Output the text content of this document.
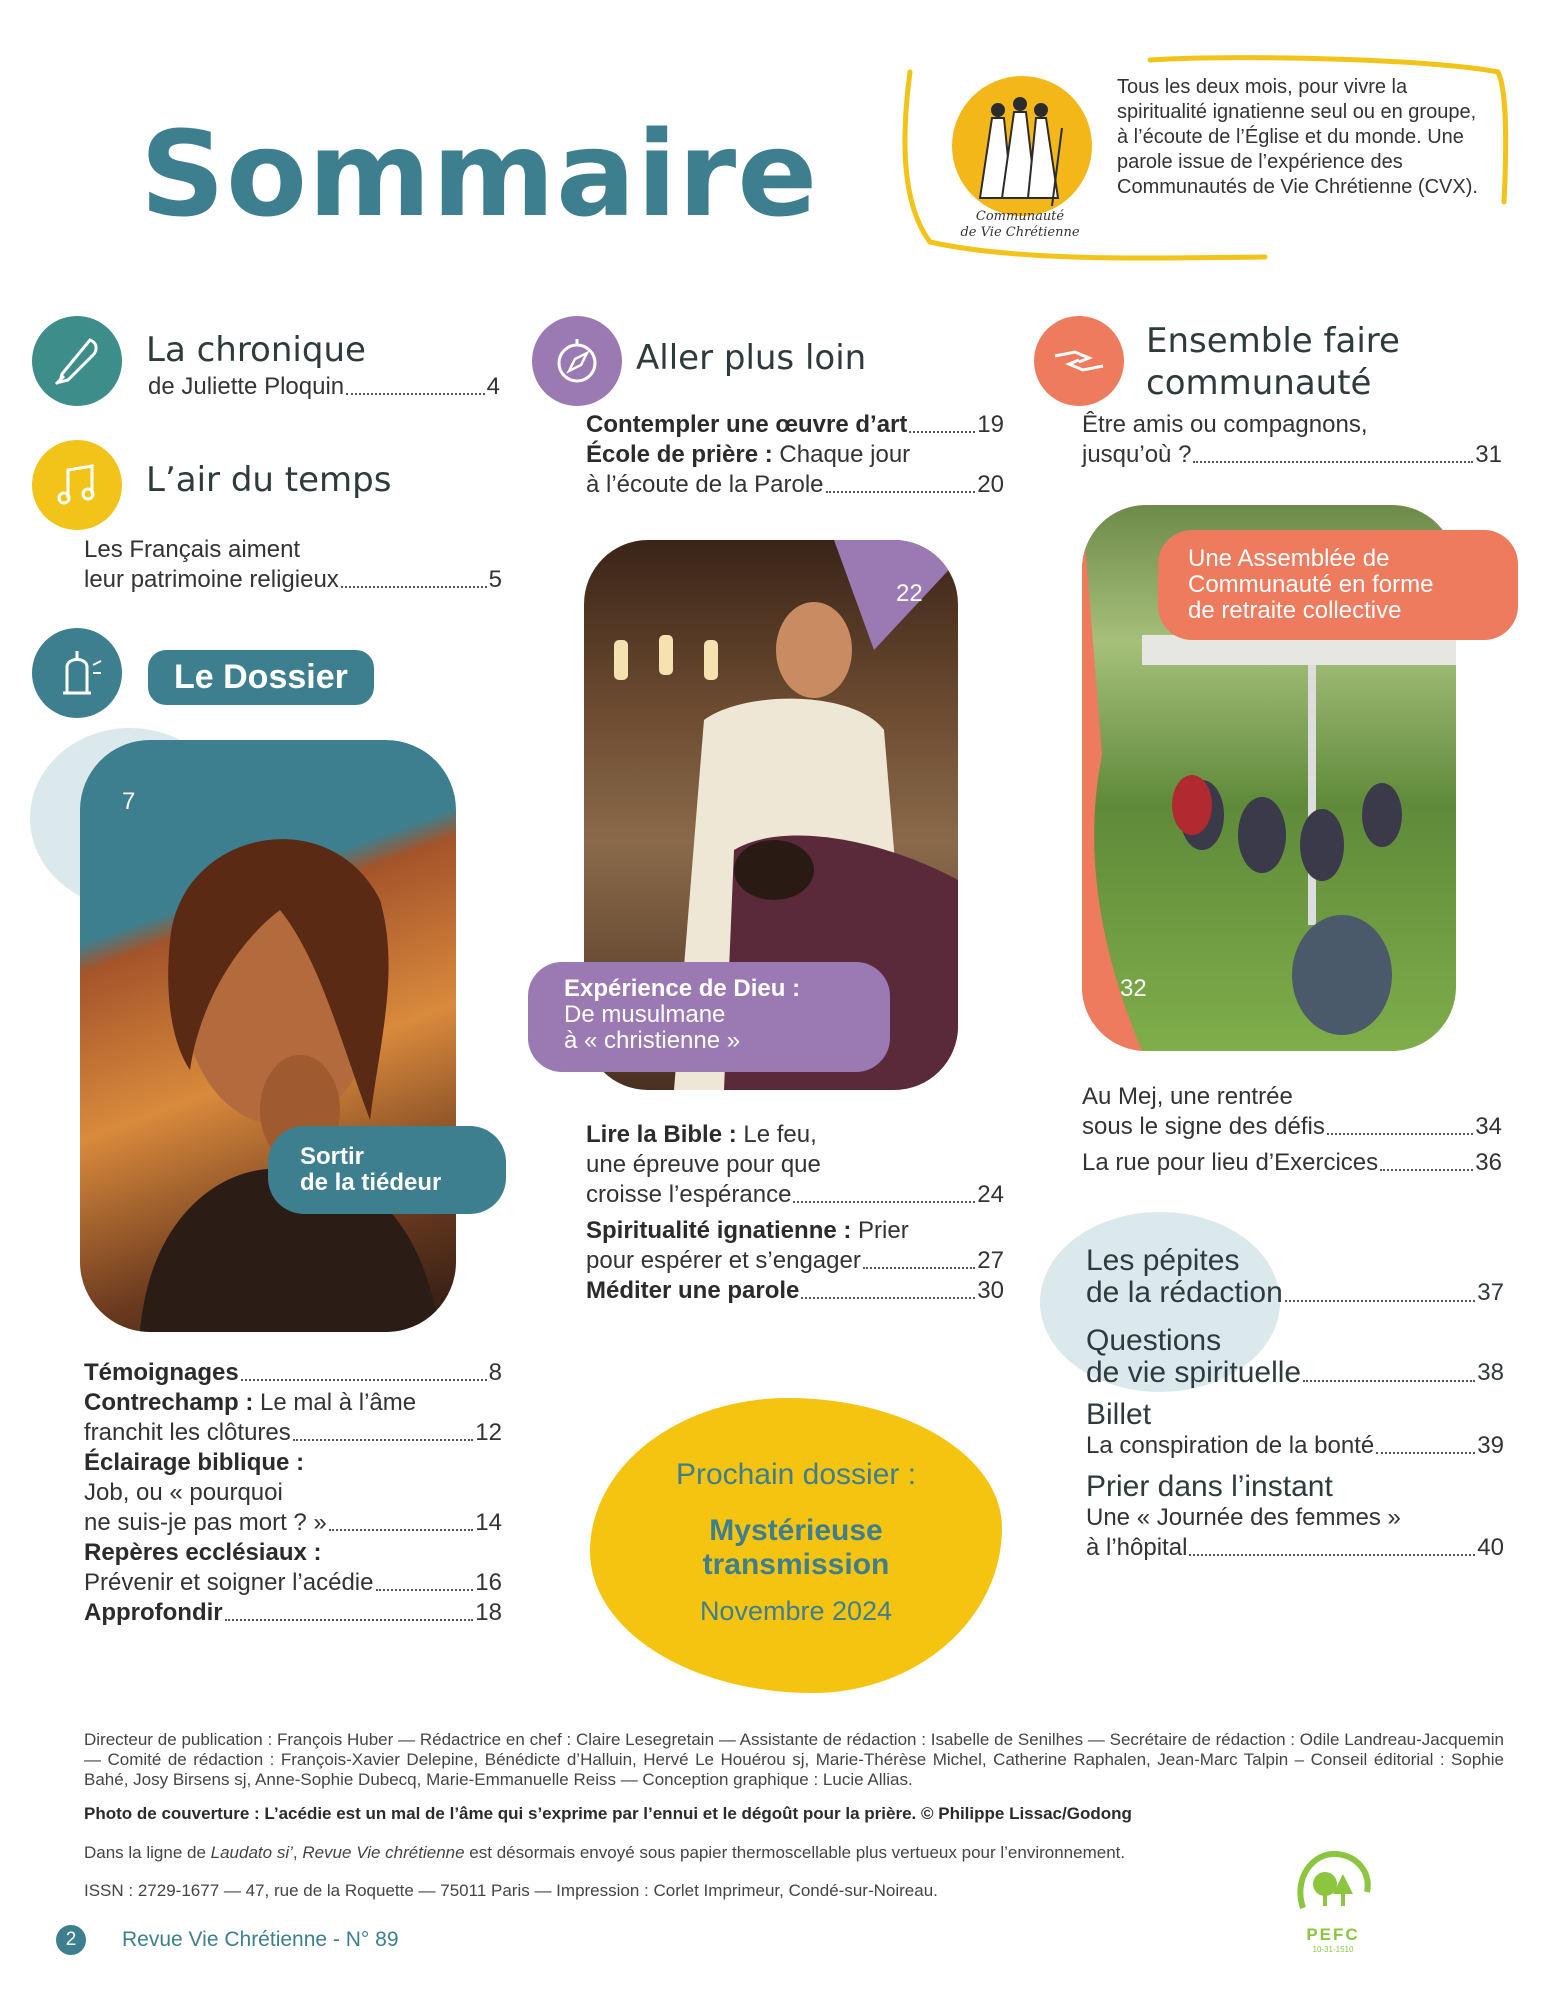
Sommaire	Communauté
de Vie Chrétienne
Tous les deux mois, pour vivre la spiritualité ignatienne seul ou en groupe, à l’écoute de l’Église et du monde. Une parole issue de l’expérience des Communautés de Vie Chrétienne (CVX).
La chronique
de Juliette Ploquin	4
L’air du temps
Les Français aiment
leur patrimoine religieux	5
Le Dossier
7
Sortir
de la tiédeur
Témoignages	8
Contrechamp : Le mal à l’âme
franchit les clôtures	12
Éclairage biblique :
Job, ou « pourquoi
ne suis-je pas mort ? »	14
Repères ecclésiaux :
Prévenir et soigner l’acédie	16
Approfondir	18
Aller plus loin
Contempler une œuvre d’art	19
École de prière : Chaque jour
à l’écoute de la Parole	20
22
Expérience de Dieu :
De musulmane
à « christienne »
Lire la Bible : Le feu,
une épreuve pour que
croisse l’espérance	24
Spiritualité ignatienne : Prier
pour espérer et s’engager	27
Méditer une parole	30
Prochain dossier :
Mystérieuse
transmission
Novembre 2024
Ensemble faire
communauté
Être amis ou compagnons,
jusqu’où ?	31
32
Une Assemblée de
Communauté en forme
de retraite collective
Au Mej, une rentrée
sous le signe des défis	34
La rue pour lieu d’Exercices	36
Les pépites
de la rédaction	37
Questions
de vie spirituelle	38
Billet
La conspiration de la bonté	39
Prier dans l’instant
Une « Journée des femmes »
à l’hôpital	40
Directeur de publication : François Huber — Rédactrice en chef : Claire Lesegretain — Assistante de rédaction : Isabelle de Senilhes — Secrétaire de rédaction : Odile Landreau-Jacquemin — Comité de rédaction : François-Xavier Delepine, Bénédicte d’Halluin, Hervé Le Houérou sj, Marie-Thérèse Michel, Catherine Raphalen, Jean-Marc Talpin – Conseil éditorial : Sophie Bahé, Josy Birsens sj, Anne-Sophie Dubecq, Marie-Emmanuelle Reiss — Conception graphique : Lucie Allias.
Photo de couverture : L’acédie est un mal de l’âme qui s’exprime par l’ennui et le dégoût pour la prière. © Philippe Lissac/Godong
Dans la ligne de Laudato si’, Revue Vie chrétienne est désormais envoyé sous papier thermoscellable plus vertueux pour l’environnement.
ISSN : 2729-1677 — 47, rue de la Roquette — 75011 Paris — Impression : Corlet Imprimeur, Condé-sur-Noireau.
2	Revue Vie Chrétienne - N° 89	PEFC
10-31-1510
